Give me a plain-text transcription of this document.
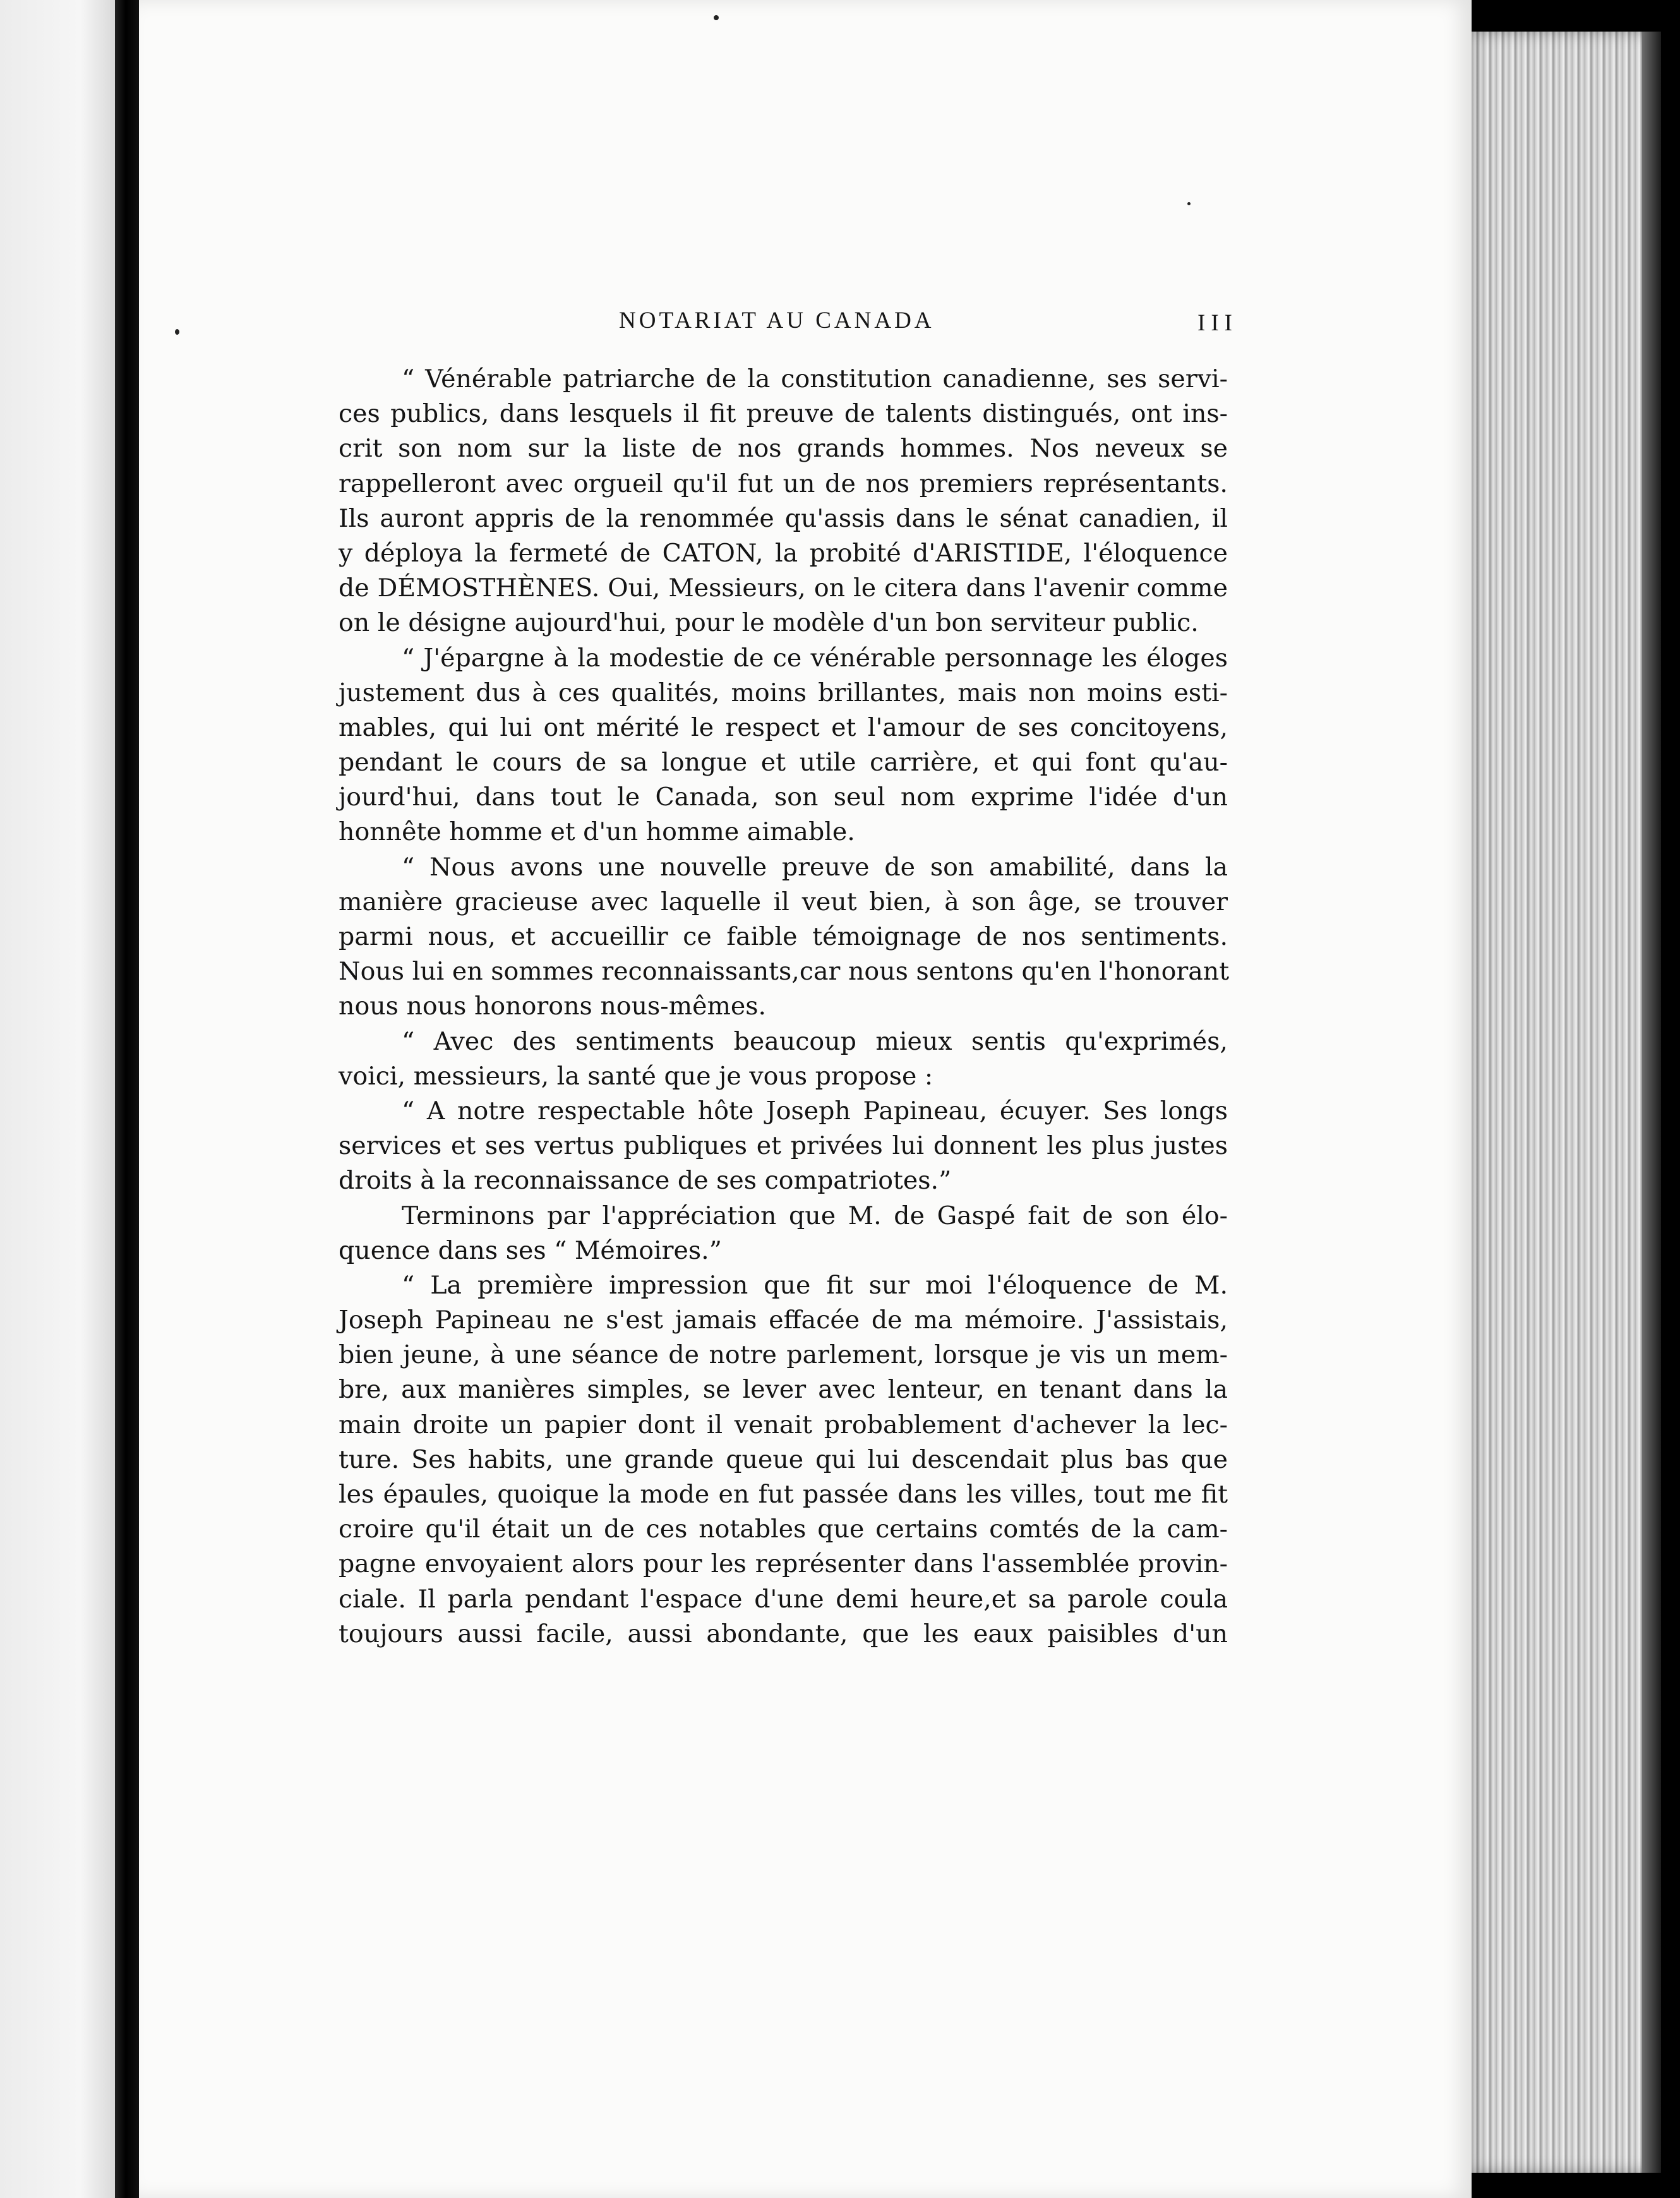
NOTARIAT AU CANADA	III
“ Vénérable patriarche de la constitution canadienne, ses servi-
ces publics, dans lesquels il fit preuve de talents distingués, ont ins-
crit son nom sur la liste de nos grands hommes. Nos neveux se
rappelleront avec orgueil qu'il fut un de nos premiers représentants.
Ils auront appris de la renommée qu'assis dans le sénat canadien, il
y déploya la fermeté de CATON, la probité d'ARISTIDE, l'éloquence
de DÉMOSTHÈNES. Oui, Messieurs, on le citera dans l'avenir comme
on le désigne aujourd'hui, pour le modèle d'un bon serviteur public.
“ J'épargne à la modestie de ce vénérable personnage les éloges
justement dus à ces qualités, moins brillantes, mais non moins esti-
mables, qui lui ont mérité le respect et l'amour de ses concitoyens,
pendant le cours de sa longue et utile carrière, et qui font qu'au-
jourd'hui, dans tout le Canada, son seul nom exprime l'idée d'un
honnête homme et d'un homme aimable.
“ Nous avons une nouvelle preuve de son amabilité, dans la
manière gracieuse avec laquelle il veut bien, à son âge, se trouver
parmi nous, et accueillir ce faible témoignage de nos sentiments.
Nous lui en sommes reconnaissants,car nous sentons qu'en l'honorant
nous nous honorons nous-mêmes.
“ Avec des sentiments beaucoup mieux sentis qu'exprimés,
voici, messieurs, la santé que je vous propose :
“ A notre respectable hôte Joseph Papineau, écuyer. Ses longs
services et ses vertus publiques et privées lui donnent les plus justes
droits à la reconnaissance de ses compatriotes.”
Terminons par l'appréciation que M. de Gaspé fait de son élo-
quence dans ses “ Mémoires.”
“ La première impression que fit sur moi l'éloquence de M.
Joseph Papineau ne s'est jamais effacée de ma mémoire. J'assistais,
bien jeune, à une séance de notre parlement, lorsque je vis un mem-
bre, aux manières simples, se lever avec lenteur, en tenant dans la
main droite un papier dont il venait probablement d'achever la lec-
ture. Ses habits, une grande queue qui lui descendait plus bas que
les épaules, quoique la mode en fut passée dans les villes, tout me fit
croire qu'il était un de ces notables que certains comtés de la cam-
pagne envoyaient alors pour les représenter dans l'assemblée provin-
ciale. Il parla pendant l'espace d'une demi heure,et sa parole coula
toujours aussi facile, aussi abondante, que les eaux paisibles d'un
